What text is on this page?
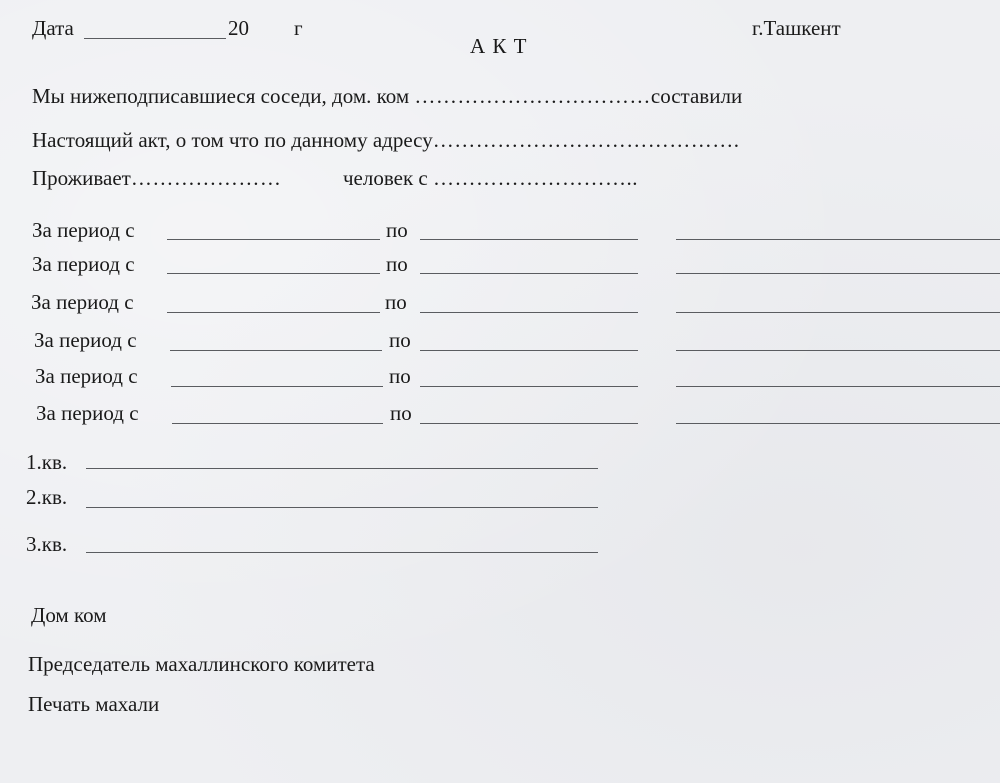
Дата	20 г
А К Т
г.Ташкент
Мы нижеподписавшиеся соседи, дом. ком ……………………………составили
Настоящий акт, о том что по данному адресу…………………………………….
Проживает…………………	человек с ………………………..
За период с	по
За период с	по
За период с	по
За период с	по
За период с	по
За период с	по
1.кв.
2.кв.
3.кв.
Дом ком
Председатель махаллинского комитета
Печать махали
